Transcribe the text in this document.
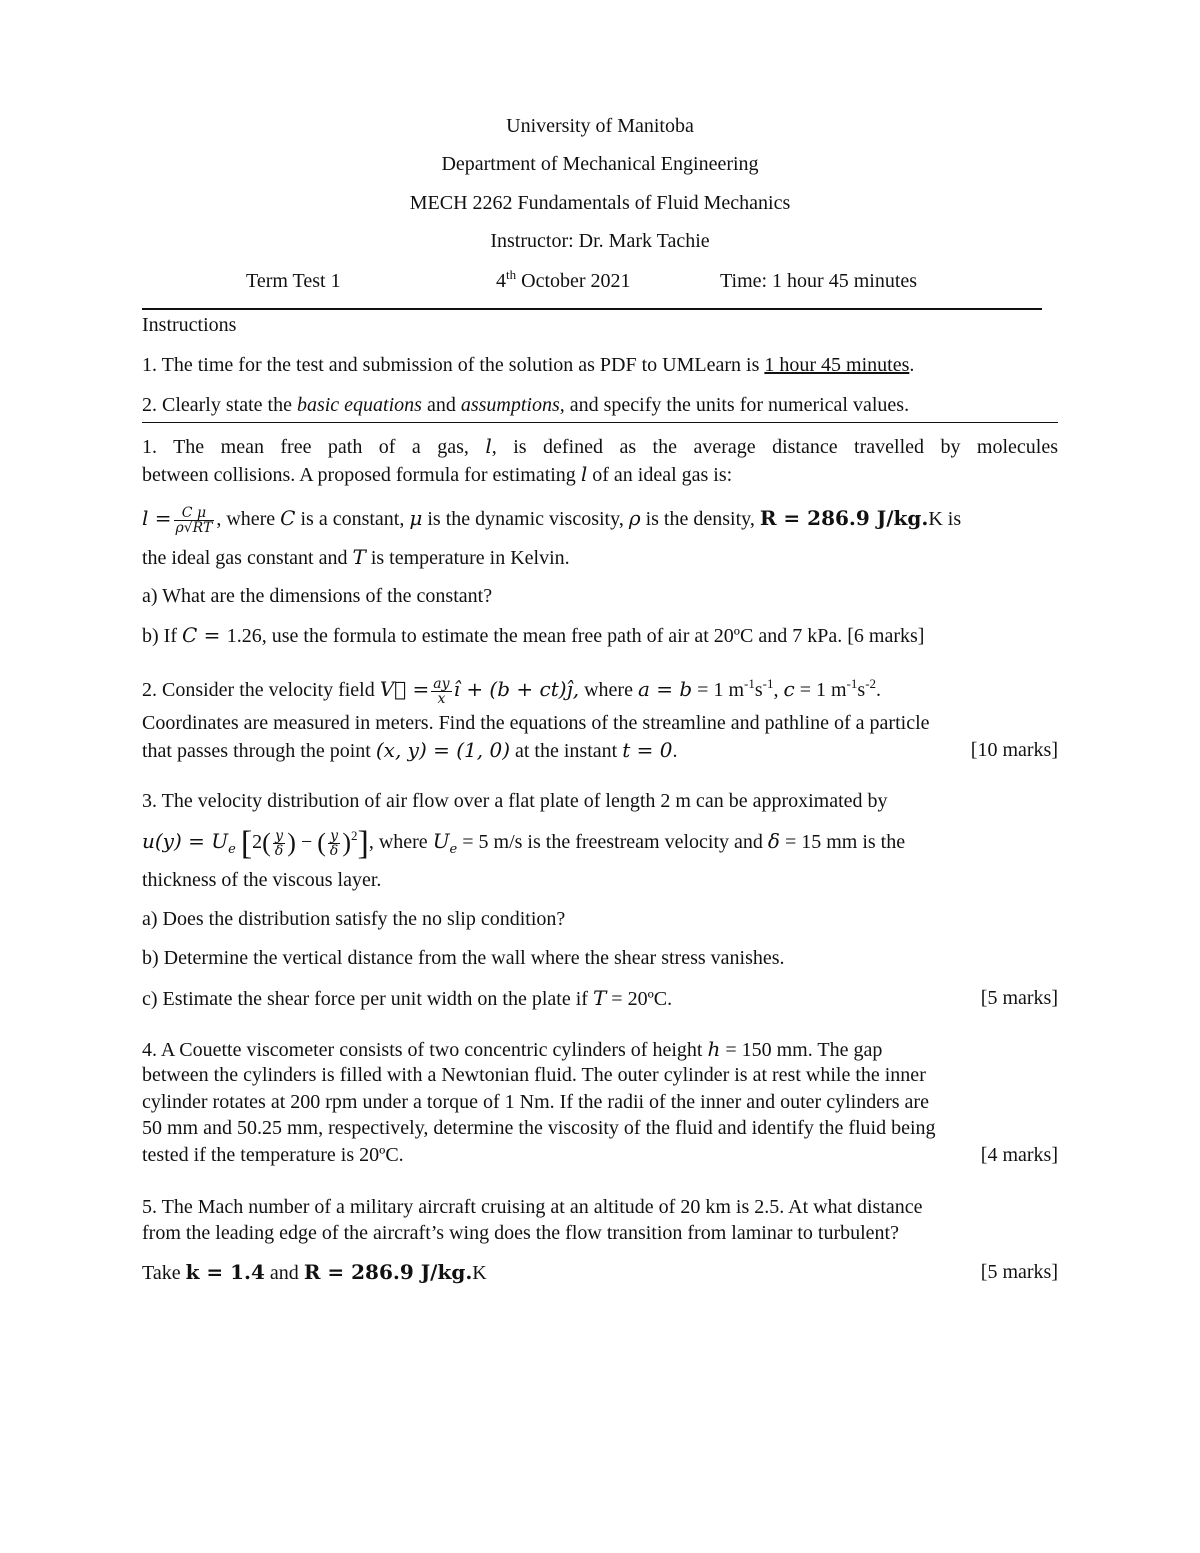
University of Manitoba
Department of Mechanical Engineering
MECH 2262 Fundamentals of Fluid Mechanics
Instructor: Dr. Mark Tachie
Term Test 1	4th October 2021	Time: 1 hour 45 minutes
Instructions
1. The time for the test and submission of the solution as PDF to UMLearn is 1 hour 45 minutes.
2. Clearly state the basic equations and assumptions, and specify the units for numerical values.
1. The mean free path of a gas, l, is defined as the average distance travelled by molecules
between collisions. A proposed formula for estimating l of an ideal gas is:
$l = \frac{\text{C μ}}{\rho√RT}$ , where C is a constant, μ is the dynamic viscosity, ρ is the density, R = 286.9 J/kg.K is
the ideal gas constant and T is temperature in Kelvin.
a) What are the dimensions of the constant?
b) If C = 1.26, use the formula to estimate the mean free path of air at 20ºC and 7 kPa. [6 marks]
2. Consider the velocity field V⃗ = $\frac{ay}{x}$ î + (b + ct)ĵ, where a = b = 1 $m^{-1}s^{-1}$, c = 1 $m^{-1}s^{-2}$.
Coordinates are measured in meters. Find the equations of the streamline and pathline of a particle
that passes through the point (x, y) = (1, 0) at the instant t = 0.	[10 marks]
3. The velocity distribution of air flow over a flat plate of length 2 m can be approximated by
$u(y) = U_e$ [$2( \frac{y}{\delta}$ ) − ( $\frac{y}{\delta} )^2$], where $U_e = 5$ m/s is the freestream velocity and δ = 15 mm is the
thickness of the viscous layer.
a) Does the distribution satisfy the no slip condition?
b) Determine the vertical distance from the wall where the shear stress vanishes.
c) Estimate the shear force per unit width on the plate if T = 20ºC.	[5 marks]
4. A Couette viscometer consists of two concentric cylinders of height h = 150 mm. The gap
between the cylinders is filled with a Newtonian fluid. The outer cylinder is at rest while the inner
cylinder rotates at 200 rpm under a torque of 1 Nm. If the radii of the inner and outer cylinders are
50 mm and 50.25 mm, respectively, determine the viscosity of the fluid and identify the fluid being
tested if the temperature is 20ºC.	[4 marks]
5. The Mach number of a military aircraft cruising at an altitude of 20 km is 2.5. At what distance
from the leading edge of the aircraft’s wing does the flow transition from laminar to turbulent?
Take k = 1.4 and R = 286.9 J/kg.K	[5 marks]
